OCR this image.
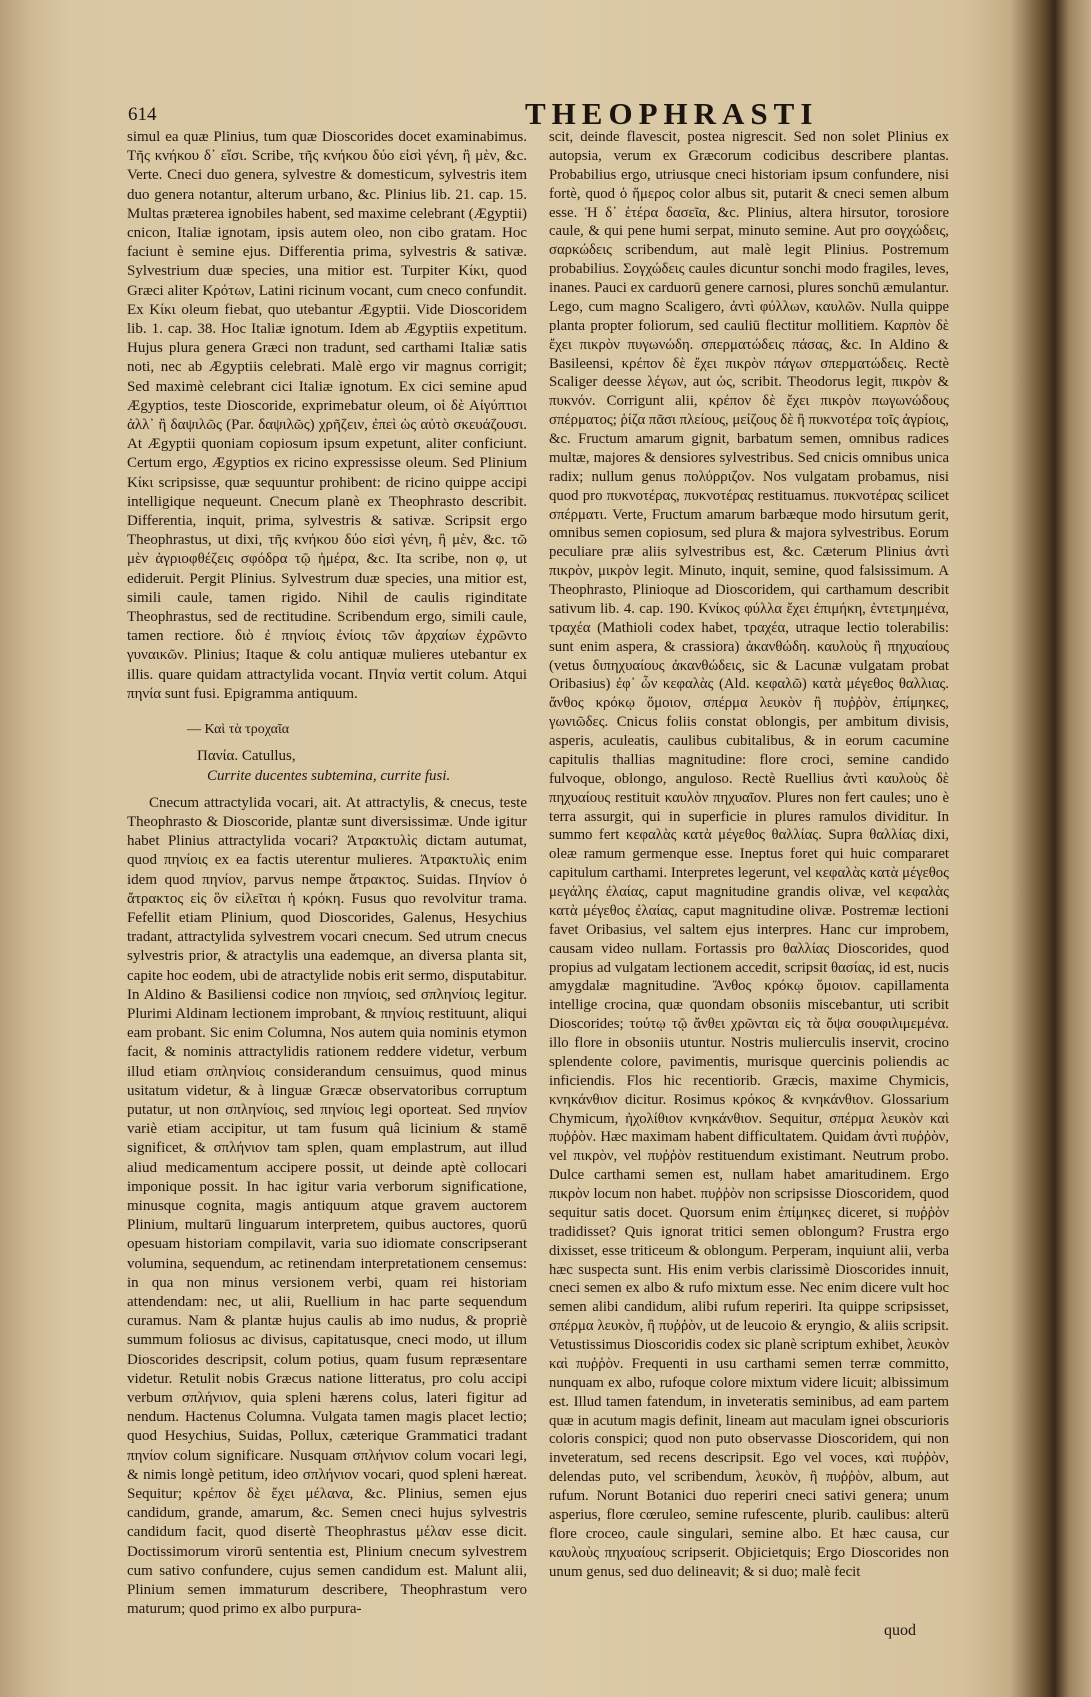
614	THEOPHRASTI

simul ea quæ Plinius, tum quæ Dioscorides docet examinabimus. Τῆς κνήκου δ᾽ εἴσι. Scribe, τῆς κνήκου δύο εἰσὶ γένη, ἢ μὲν, &c. Verte. Cneci duo genera, sylvestre & domesticum, sylvestris item duo genera notantur, alterum urbano, &c. Plinius lib. 21. cap. 15. Multas præterea ignobiles habent, sed maxime celebrant (Ægyptii) cnicon, Italiæ ignotam, ipsis autem oleo, non cibo gratam. Hoc faciunt è semine ejus. Differentia prima, sylvestris & sativæ. Sylvestrium duæ species, una mitior est. Turpiter Κίκι, quod Græci aliter Κρότων, Latini ricinum vocant, cum cneco confundit. Ex Κίκι oleum fiebat, quo utebantur Ægyptii. Vide Dioscoridem lib. 1. cap. 38. Hoc Italiæ ignotum. Idem ab Ægyptiis expetitum. Hujus plura genera Græci non tradunt, sed carthami Italiæ satis noti, nec ab Ægyptiis celebrati. Malè ergo vir magnus corrigit; Sed maximè celebrant cici Italiæ ignotum. Ex cici semine apud Ægyptios, teste Dioscoride, exprimebatur oleum, οἱ δὲ Αἰγύπτιοι ἀλλ᾽ ἢ δαψιλῶς (Par. δαψιλῶς) χρῆζειν, ἐπεὶ ὡς αὐτὸ σκευάζουσι. At Ægyptii quoniam copiosum ipsum expetunt, aliter conficiunt. Certum ergo, Ægyptios ex ricino expressisse oleum. Sed Plinium Κίκι scripsisse, quæ sequuntur prohibent: de ricino quippe accipi intelligique nequeunt. Cnecum planè ex Theophrasto describit. Differentia, inquit, prima, sylvestris & sativæ. Scripsit ergo Theophrastus, ut dixi, τῆς κνήκου δύο εἰσὶ γένη, ἢ μὲν, &c. τῶ μὲν ἀγριοφθέζεις σφόδρα τῷ ἡμέρα, &c. Ita scribe, non φ, ut edideruit. Pergit Plinius. Sylvestrum duæ species, una mitior est, simili caule, tamen rigido. Nihil de caulis riginditate Theophrastus, sed de rectitudine. Scribendum ergo, simili caule, tamen rectiore. διὸ ἐ πηνίοις ἐνίοις τῶν ἀρχαίων ἐχρῶντο γυναικῶν. Plinius; Itaque & colu antiquæ mulieres utebantur ex illis. quare quidam attractylida vocant. Πηνία vertit colum. Atqui πηνία sunt fusi. Epigramma antiquum.

— Καὶ τὰ τροχαῖα

Πανία. Catullus,

Currite ducentes subtemina, currite fusi.

Cnecum attractylida vocari, ait. At attractylis, & cnecus, teste Theophrasto & Dioscoride, plantæ sunt diversissimæ. Unde igitur habet Plinius attractylida vocari? Ἀτρακτυλὶς dictam autumat, quod πηνίοις ex ea factis uterentur mulieres. Ἀτρακτυλὶς enim idem quod πηνίον, parvus nempe ἄτρακτος. Suidas. Πηνίον ὁ ἄτρακτος εἰς ὃν εἰλεῖται ἡ κρόκη. Fusus quo revolvitur trama. Fefellit etiam Plinium, quod Dioscorides, Galenus, Hesychius tradant, attractylida sylvestrem vocari cnecum. Sed utrum cnecus sylvestris prior, & atractylis una eademque, an diversa planta sit, capite hoc eodem, ubi de atractylide nobis erit sermo, disputabitur. In Aldino & Basiliensi codice non πηνίοις, sed σπληνίοις legitur. Plurimi Aldinam lectionem improbant, & πηνίοις restituunt, aliqui eam probant. Sic enim Columna, Nos autem quia nominis etymon facit, & nominis attractylidis rationem reddere videtur, verbum illud etiam σπληνίοις considerandum censuimus, quod minus usitatum videtur, & à linguæ Græcæ observatoribus corruptum putatur, ut non σπληνίοις, sed πηνίοις legi oporteat. Sed πηνίον variè etiam accipitur, ut tam fusum quâ licinium & stamē significet, & σπλήνιον tam splen, quam emplastrum, aut illud aliud medicamentum accipere possit, ut deinde aptè collocari imponique possit. In hac igitur varia verborum significatione, minusque cognita, magis antiquum atque gravem auctorem Plinium, multarū linguarum interpretem, quibus auctores, quorū opesuam historiam compilavit, varia suo idiomate conscripserant volumina, sequendum, ac retinendam interpretationem censemus: in qua non minus versionem verbi, quam rei historiam attendendam: nec, ut alii, Ruellium in hac parte sequendum curamus. Nam & plantæ hujus caulis ab imo nudus, & propriè summum foliosus ac divisus, capitatusque, cneci modo, ut illum Dioscorides descripsit, colum potius, quam fusum repræsentare videtur. Retulit nobis Græcus natione litteratus, pro colu accipi verbum σπλήνιον, quia spleni hærens colus, lateri figitur ad nendum. Hactenus Columna. Vulgata tamen magis placet lectio; quod Hesychius, Suidas, Pollux, cæterique Grammatici tradant πηνίον colum significare. Nusquam σπλήνιον colum vocari legi, & nimis longè petitum, ideo σπλήνιον vocari, quod spleni hæreat. Sequitur; κρέπον δὲ ἔχει μέλανα, &c. Plinius, semen ejus candidum, grande, amarum, &c. Semen cneci hujus sylvestris candidum facit, quod disertè Theophrastus μέλαν esse dicit. Doctissimorum virorū sententia est, Plinium cnecum sylvestrem cum sativo confundere, cujus semen candidum est. Malunt alii, Plinium semen immaturum describere, Theophrastum vero maturum; quod primo ex albo purpura-

scit, deinde flavescit, postea nigrescit. Sed non solet Plinius ex autopsia, verum ex Græcorum codicibus describere plantas. Probabilius ergo, utriusque cneci historiam ipsum confundere, nisi fortè, quod ὁ ἥμερος color albus sit, putarit & cneci semen album esse. Ἡ δ᾽ ἑτέρα δασεῖα, &c. Plinius, altera hirsutor, torosiore caule, & qui pene humi serpat, minuto semine. Aut pro σογχώδεις, σαρκώδεις scribendum, aut malè legit Plinius. Postremum probabilius. Σογχώδεις caules dicuntur sonchi modo fragiles, leves, inanes. Pauci ex carduorū genere carnosi, plures sonchū æmulantur. Lego, cum magno Scaligero, ἀντὶ φύλλων, καυλῶν. Nulla quippe planta propter foliorum, sed cauliū flectitur mollitiem. Καρπὸν δὲ ἔχει πικρὸν πυγωνώδη. σπερματώδεις πάσας, &c. In Aldino & Basileensi, κρέπον δὲ ἔχει πικρὸν πάγων σπερματώδεις. Rectè Scaliger deesse λέγων, aut ὡς, scribit. Theodorus legit, πικρὸν & πυκνόν. Corrigunt alii, κρέπον δὲ ἔχει πικρὸν πωγωνώδους σπέρματος; ῥίζα πᾶσι πλείους, μείζους δὲ ἢ πυκνοτέρα τοῖς ἀγρίοις, &c. Fructum amarum gignit, barbatum semen, omnibus radices multæ, majores & densiores sylvestribus. Sed cnicis omnibus unica radix; nullum genus πολύρριζον. Nos vulgatam probamus, nisi quod pro πυκνοτέρας, πυκνοτέρας restituamus. πυκνοτέρας scilicet σπέρματι. Verte, Fructum amarum barbæque modo hirsutum gerit, omnibus semen copiosum, sed plura & majora sylvestribus. Eorum peculiare præ aliis sylvestribus est, &c. Cæterum Plinius ἀντὶ πικρὸν, μικρὸν legit. Minuto, inquit, semine, quod falsissimum. A Theophrasto, Plinioque ad Dioscoridem, qui carthamum describit sativum lib. 4. cap. 190. Κνίκος φύλλα ἔχει ἐπιμήκη, ἐντετμημένα, τραχέα (Mathioli codex habet, τραχέα, utraque lectio tolerabilis: sunt enim aspera, & crassiora) ἀκανθώδη. καυλοὺς ἢ πηχυαίους (vetus διπηχυαίους ἀκανθώδεις, sic & Lacunæ vulgatam probat Oribasius) ἐφ᾽ ὧν κεφαλὰς (Ald. κεφαλῶ) κατὰ μέγεθος θαλλιας. ἄνθος κρόκῳ ὅμοιον, σπέρμα λευκὸν ἢ πυῤῥὸν, ἐπίμηκες, γωνιῶδες. Cnicus foliis constat oblongis, per ambitum divisis, asperis, aculeatis, caulibus cubitalibus, & in eorum cacumine capitulis thallias magnitudine: flore croci, semine candido fulvoque, oblongo, anguloso. Rectè Ruellius ἀντὶ καυλοὺς δὲ πηχυαίους restituit καυλὸν πηχυαῖον. Plures non fert caules; uno è terra assurgit, qui in superficie in plures ramulos dividitur. In summo fert κεφαλὰς κατὰ μέγεθος θαλλίας. Supra θαλλίας dixi, oleæ ramum germenque esse. Ineptus foret qui huic compararet capitulum carthami. Interpretes legerunt, vel κεφαλὰς κατὰ μέγεθος μεγάλης ἐλαίας, caput magnitudine grandis olivæ, vel κεφαλὰς κατὰ μέγεθος ἐλαίας, caput magnitudine olivæ. Postremæ lectioni favet Oribasius, vel saltem ejus interpres. Hanc cur improbem, causam video nullam. Fortassis pro θαλλίας Dioscorides, quod propius ad vulgatam lectionem accedit, scripsit θασίας, id est, nucis amygdalæ magnitudine. Ἄνθος κρόκῳ ὅμοιον. capillamenta intellige crocina, quæ quondam obsoniis miscebantur, uti scribit Dioscorides; τούτῳ τῷ ἄνθει χρῶνται εἰς τὰ ὄψα σουφιλιμεμένα. illo flore in obsoniis utuntur. Nostris mulierculis inservit, crocino splendente colore, pavimentis, murisque quercinis poliendis ac inficiendis. Flos hic recentiorib. Græcis, maxime Chymicis, κνηκάνθιον dicitur. Rosimus κρόκος & κνηκάνθιον. Glossarium Chymicum, ἠχολίθιον κνηκάνθιον. Sequitur, σπέρμα λευκὸν καὶ πυῤῥὸν. Hæc maximam habent difficultatem. Quidam ἀντὶ πυῤῥὸν, vel πικρὸν, vel πυῤῥὸν restituendum existimant. Neutrum probo. Dulce carthami semen est, nullam habet amaritudinem. Ergo πικρὸν locum non habet. πυῤῥὸν non scripsisse Dioscoridem, quod sequitur satis docet. Quorsum enim ἐπίμηκες diceret, si πυῤῥὸν tradidisset? Quis ignorat tritici semen oblongum? Frustra ergo dixisset, esse triticeum & oblongum. Perperam, inquiunt alii, verba hæc suspecta sunt. His enim verbis clarissimè Dioscorides innuit, cneci semen ex albo & rufo mixtum esse. Nec enim dicere vult hoc semen alibi candidum, alibi rufum reperiri. Ita quippe scripsisset, σπέρμα λευκὸν, ἢ πυῤῥὸν, ut de leucoio & eryngio, & aliis scripsit. Vetustissimus Dioscoridis codex sic planè scriptum exhibet, λευκὸν καὶ πυῤῥὸν. Frequenti in usu carthami semen terræ committo, nunquam ex albo, rufoque colore mixtum videre licuit; albissimum est. Illud tamen fatendum, in inveteratis seminibus, ad eam partem quæ in acutum magis definit, lineam aut maculam ignei obscurioris coloris conspici; quod non puto observasse Dioscoridem, qui non inveteratum, sed recens descripsit. Ego vel voces, καὶ πυῤῥὸν, delendas puto, vel scribendum, λευκὸν, ἢ πυῤῥὸν, album, aut rufum. Norunt Botanici duo reperiri cneci sativi genera; unum asperius, flore cœruleo, semine rufescente, plurib. caulibus: alterū flore croceo, caule singulari, semine albo. Et hæc causa, cur καυλοὺς πηχυαίους scripserit. Objicietquis; Ergo Dioscorides non unum genus, sed duo delineavit; & si duo; malè fecit

quod
